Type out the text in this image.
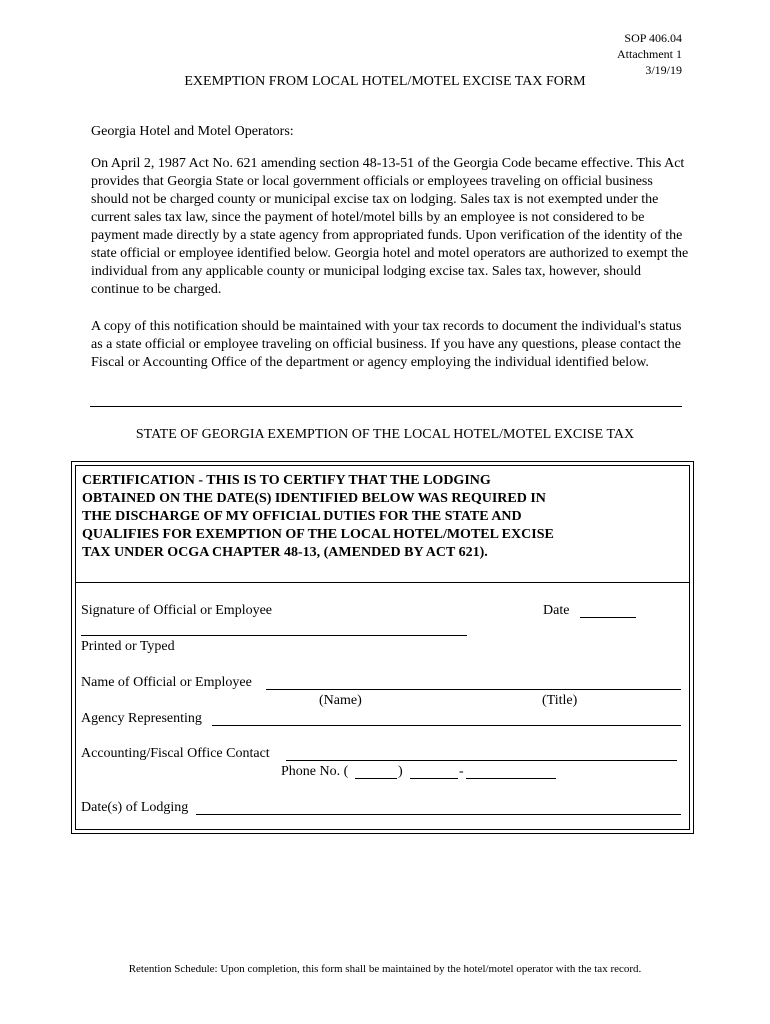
SOP 406.04
Attachment 1
3/19/19
EXEMPTION FROM LOCAL HOTEL/MOTEL EXCISE TAX FORM
Georgia Hotel and Motel Operators:

On April 2, 1987 Act No. 621 amending section 48-13-51 of the Georgia Code became effective. This Act provides that Georgia State or local government officials or employees traveling on official business should not be charged county or municipal excise tax on lodging. Sales tax is not exempted under the current sales tax law, since the payment of hotel/motel bills by an employee is not considered to be payment made directly by a state agency from appropriated funds. Upon verification of the identity of the state official or employee identified below. Georgia hotel and motel operators are authorized to exempt the individual from any applicable county or municipal lodging excise tax. Sales tax, however, should continue to be charged.

A copy of this notification should be maintained with your tax records to document the individual's status as a state official or employee traveling on official business. If you have any questions, please contact the Fiscal or Accounting Office of the department or agency employing the individual identified below.

STATE OF GEORGIA EXEMPTION OF THE LOCAL HOTEL/MOTEL EXCISE TAX
CERTIFICATION - THIS IS TO CERTIFY THAT THE LODGING OBTAINED ON THE DATE(S) IDENTIFIED BELOW WAS REQUIRED IN THE DISCHARGE OF MY OFFICIAL DUTIES FOR THE STATE AND QUALIFIES FOR EXEMPTION OF THE LOCAL HOTEL/MOTEL EXCISE TAX UNDER OCGA CHAPTER 48-13, (AMENDED BY ACT 621).
Signature of Official or Employee	Date
Printed or Typed
Name of Official or Employee
(Name)	(Title)
Agency Representing
Accounting/Fiscal Office Contact
Phone No. (	)	-
Date(s) of Lodging
Retention Schedule: Upon completion, this form shall be maintained by the hotel/motel operator with the tax record.
